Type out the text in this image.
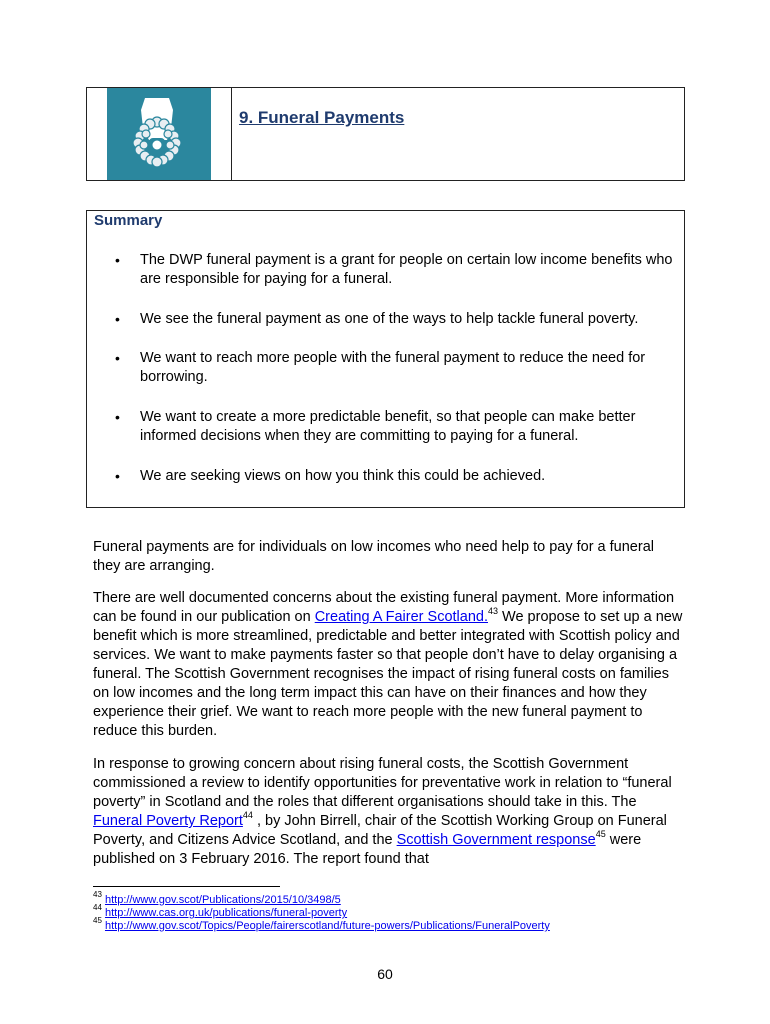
9. Funeral Payments
Summary
• The DWP funeral payment is a grant for people on certain low income benefits who are responsible for paying for a funeral.
• We see the funeral payment as one of the ways to help tackle funeral poverty.
• We want to reach more people with the funeral payment to reduce the need for borrowing.
• We want to create a more predictable benefit, so that people can make better informed decisions when they are committing to paying for a funeral.
• We are seeking views on how you think this could be achieved.

Funeral payments are for individuals on low incomes who need help to pay for a funeral they are arranging.

There are well documented concerns about the existing funeral payment. More information can be found in our publication on Creating A Fairer Scotland.$^{43}$ We propose to set up a new benefit which is more streamlined, predictable and better integrated with Scottish policy and services. We want to make payments faster so that people don’t have to delay organising a funeral. The Scottish Government recognises the impact of rising funeral costs on families on low incomes and the long term impact this can have on their finances and how they experience their grief. We want to reach more people with the new funeral payment to reduce this burden.

In response to growing concern about rising funeral costs, the Scottish Government commissioned a review to identify opportunities for preventative work in relation to “funeral poverty” in Scotland and the roles that different organisations should take in this. The Funeral Poverty Report$^{44}$ , by John Birrell, chair of the Scottish Working Group on Funeral Poverty, and Citizens Advice Scotland, and the Scottish Government response$^{45}$ were published on 3 February 2016. The report found that

$^{43}$ http://www.gov.scot/Publications/2015/10/3498/5
$^{44}$ http://www.cas.org.uk/publications/funeral-poverty
$^{45}$ http://www.gov.scot/Topics/People/fairerscotland/future-powers/Publications/FuneralPoverty
60
